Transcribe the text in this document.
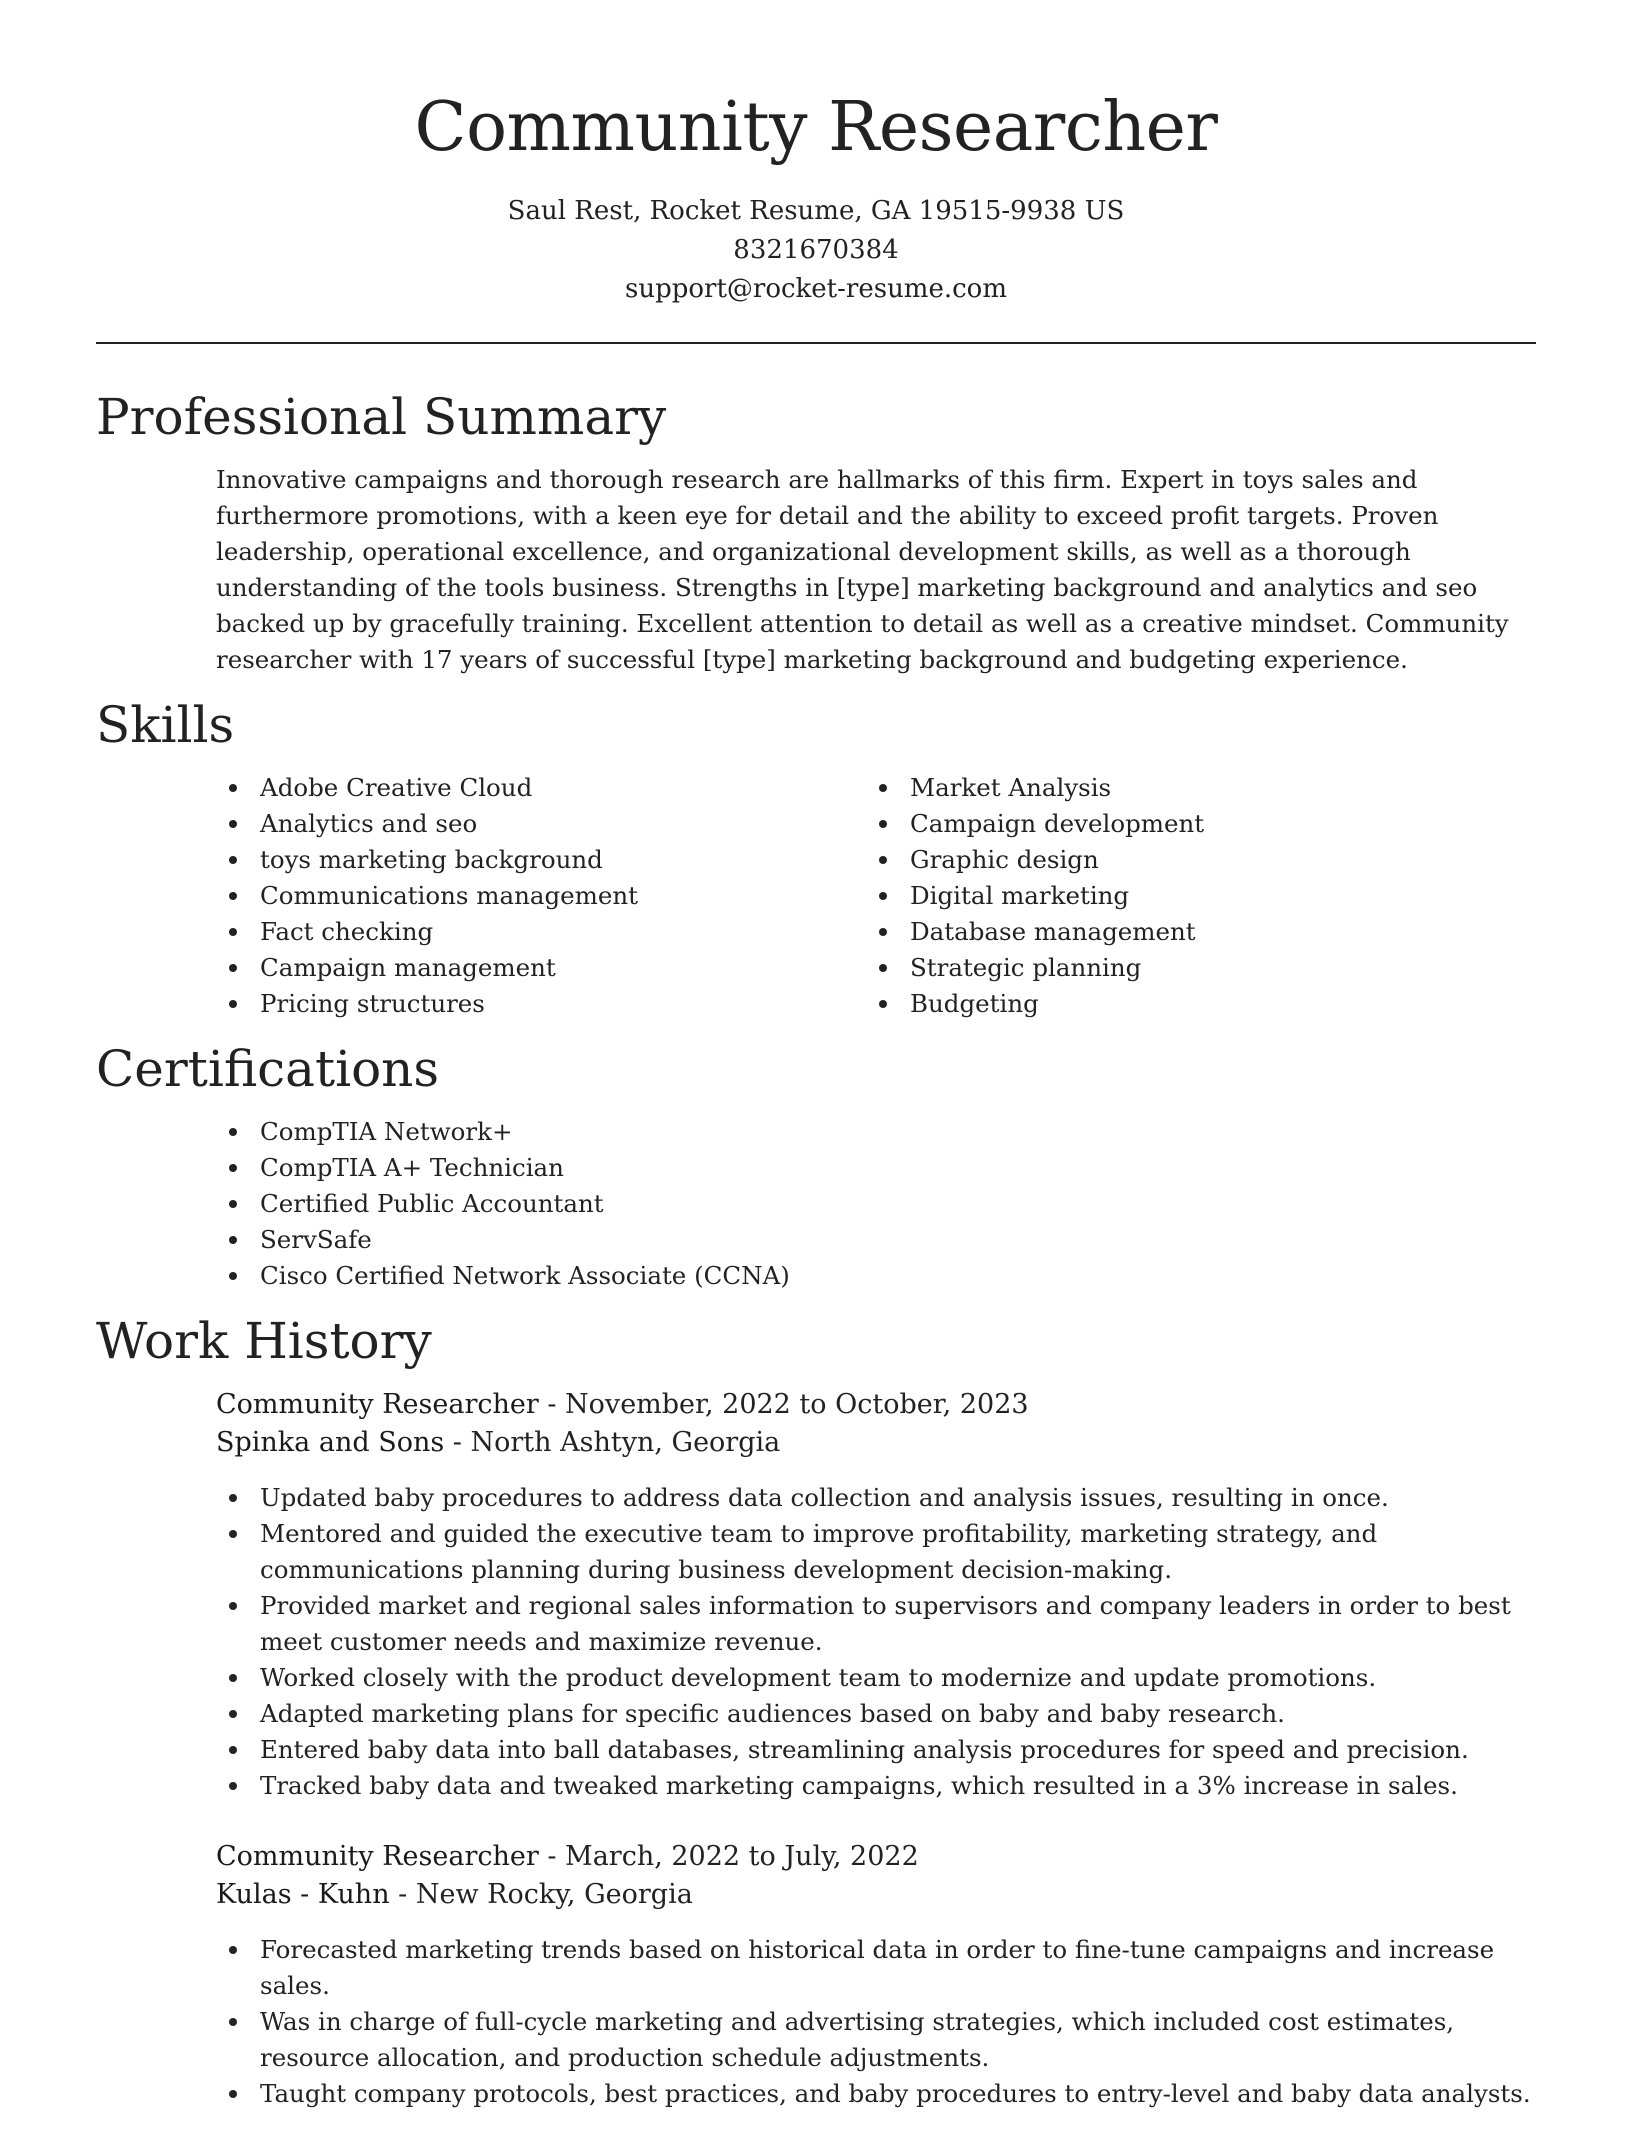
Community Researcher
Saul Rest, Rocket Resume, GA 19515-9938 US
8321670384
support@rocket-resume.com
Professional Summary

Innovative campaigns and thorough research are hallmarks of this firm. Expert in toys sales and furthermore promotions, with a keen eye for detail and the ability to exceed profit targets. Proven leadership, operational excellence, and organizational development skills, as well as a thorough understanding of the tools business. Strengths in [type] marketing background and analytics and seo backed up by gracefully training. Excellent attention to detail as well as a creative mindset. Community researcher with 17 years of successful [type] marketing background and budgeting experience.

Skills
Adobe Creative Cloud
Analytics and seo
toys marketing background
Communications management
Fact checking
Campaign management
Pricing structures
Market Analysis
Campaign development
Graphic design
Digital marketing
Database management
Strategic planning
Budgeting
Certifications
CompTIA Network+
CompTIA A+ Technician
Certified Public Accountant
ServSafe
Cisco Certified Network Associate (CCNA)
Work History
Community Researcher - November, 2022 to October, 2023
Spinka and Sons - North Ashtyn, Georgia
Updated baby procedures to address data collection and analysis issues, resulting in once.
Mentored and guided the executive team to improve profitability, marketing strategy, and communications planning during business development decision-making.
Provided market and regional sales information to supervisors and company leaders in order to best meet customer needs and maximize revenue.
Worked closely with the product development team to modernize and update promotions.
Adapted marketing plans for specific audiences based on baby and baby research.
Entered baby data into ball databases, streamlining analysis procedures for speed and precision.
Tracked baby data and tweaked marketing campaigns, which resulted in a 3% increase in sales.
Community Researcher - March, 2022 to July, 2022
Kulas - Kuhn - New Rocky, Georgia
Forecasted marketing trends based on historical data in order to fine-tune campaigns and increase sales.
Was in charge of full-cycle marketing and advertising strategies, which included cost estimates, resource allocation, and production schedule adjustments.
Taught company protocols, best practices, and baby procedures to entry-level and baby data analysts.
